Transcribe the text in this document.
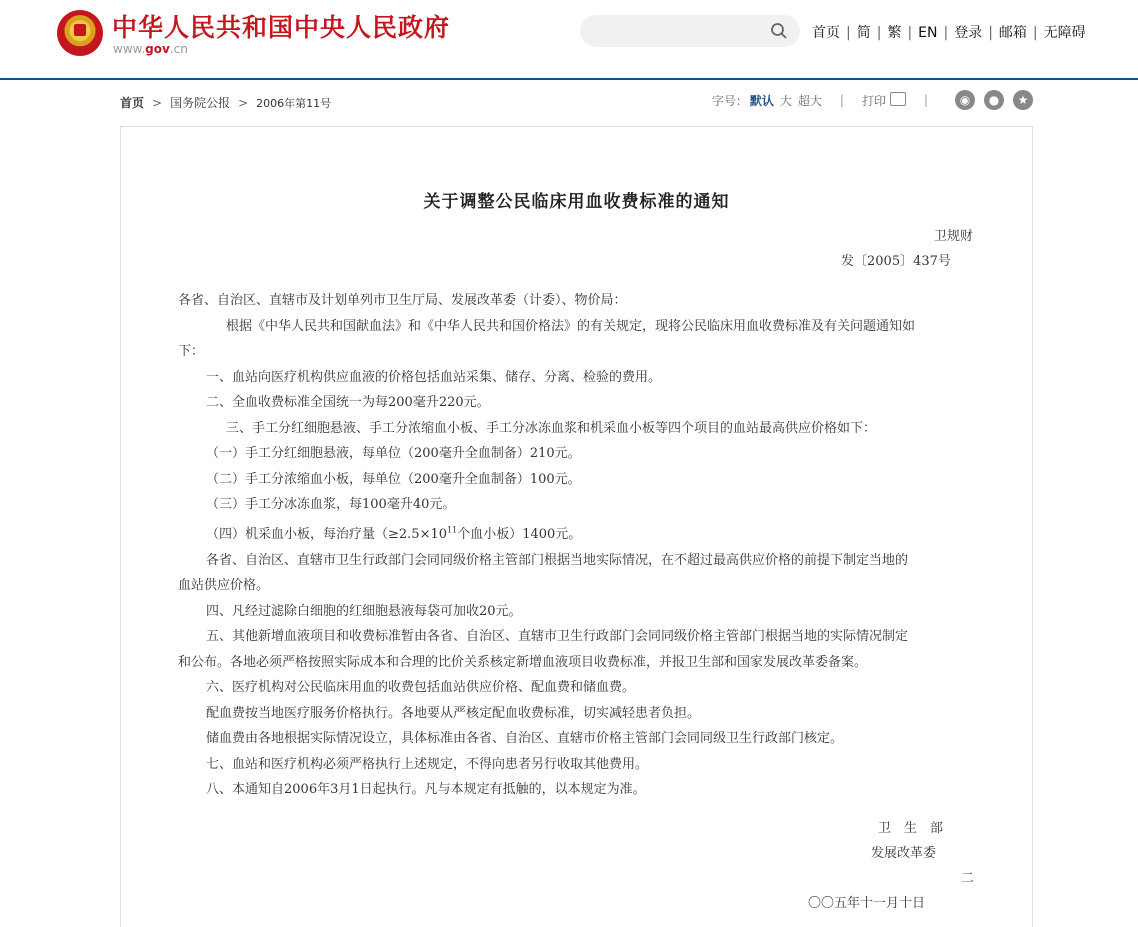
中华人民共和国中央人民政府
www.gov.cn
首页 | 简 | 繁 | EN | 登录 | 邮箱 | 无障碍
首页 > 国务院公报 > 2006年第11号	字号： 默认 大 超大 | 打印	|	◉ ● ★
关于调整公民临床用血收费标准的通知
卫规财
发〔2005〕437号
各省、自治区、直辖市及计划单列市卫生厅局、发展改革委（计委）、物价局：
根据《中华人民共和国献血法》和《中华人民共和国价格法》的有关规定，现将公民临床用血收费标准及有关问题通知如
下：
一、血站向医疗机构供应血液的价格包括血站采集、储存、分离、检验的费用。
二、全血收费标准全国统一为每200毫升220元。
三、手工分红细胞悬液、手工分浓缩血小板、手工分冰冻血浆和机采血小板等四个项目的血站最高供应价格如下：
（一）手工分红细胞悬液，每单位（200毫升全血制备）210元。
（二）手工分浓缩血小板，每单位（200毫升全血制备）100元。
（三）手工分冰冻血浆，每100毫升40元。
（四）机采血小板，每治疗量（$\ge 2.5\times 10^{11}$个血小板）1400元。
各省、自治区、直辖市卫生行政部门会同同级价格主管部门根据当地实际情况，在不超过最高供应价格的前提下制定当地的
血站供应价格。
四、凡经过滤除白细胞的红细胞悬液每袋可加收20元。
五、其他新增血液项目和收费标准暂由各省、自治区、直辖市卫生行政部门会同同级价格主管部门根据当地的实际情况制定
和公布。各地必须严格按照实际成本和合理的比价关系核定新增血液项目收费标准，并报卫生部和国家发展改革委备案。
六、医疗机构对公民临床用血的收费包括血站供应价格、配血费和储血费。
配血费按当地医疗服务价格执行。各地要从严核定配血收费标准，切实减轻患者负担。
储血费由各地根据实际情况设立，具体标准由各省、自治区、直辖市价格主管部门会同同级卫生行政部门核定。
七、血站和医疗机构必须严格执行上述规定，不得向患者另行收取其他费用。
八、本通知自2006年3月1日起执行。凡与本规定有抵触的，以本规定为准。
卫　生　部
发展改革委
二
〇〇五年十一月十日
